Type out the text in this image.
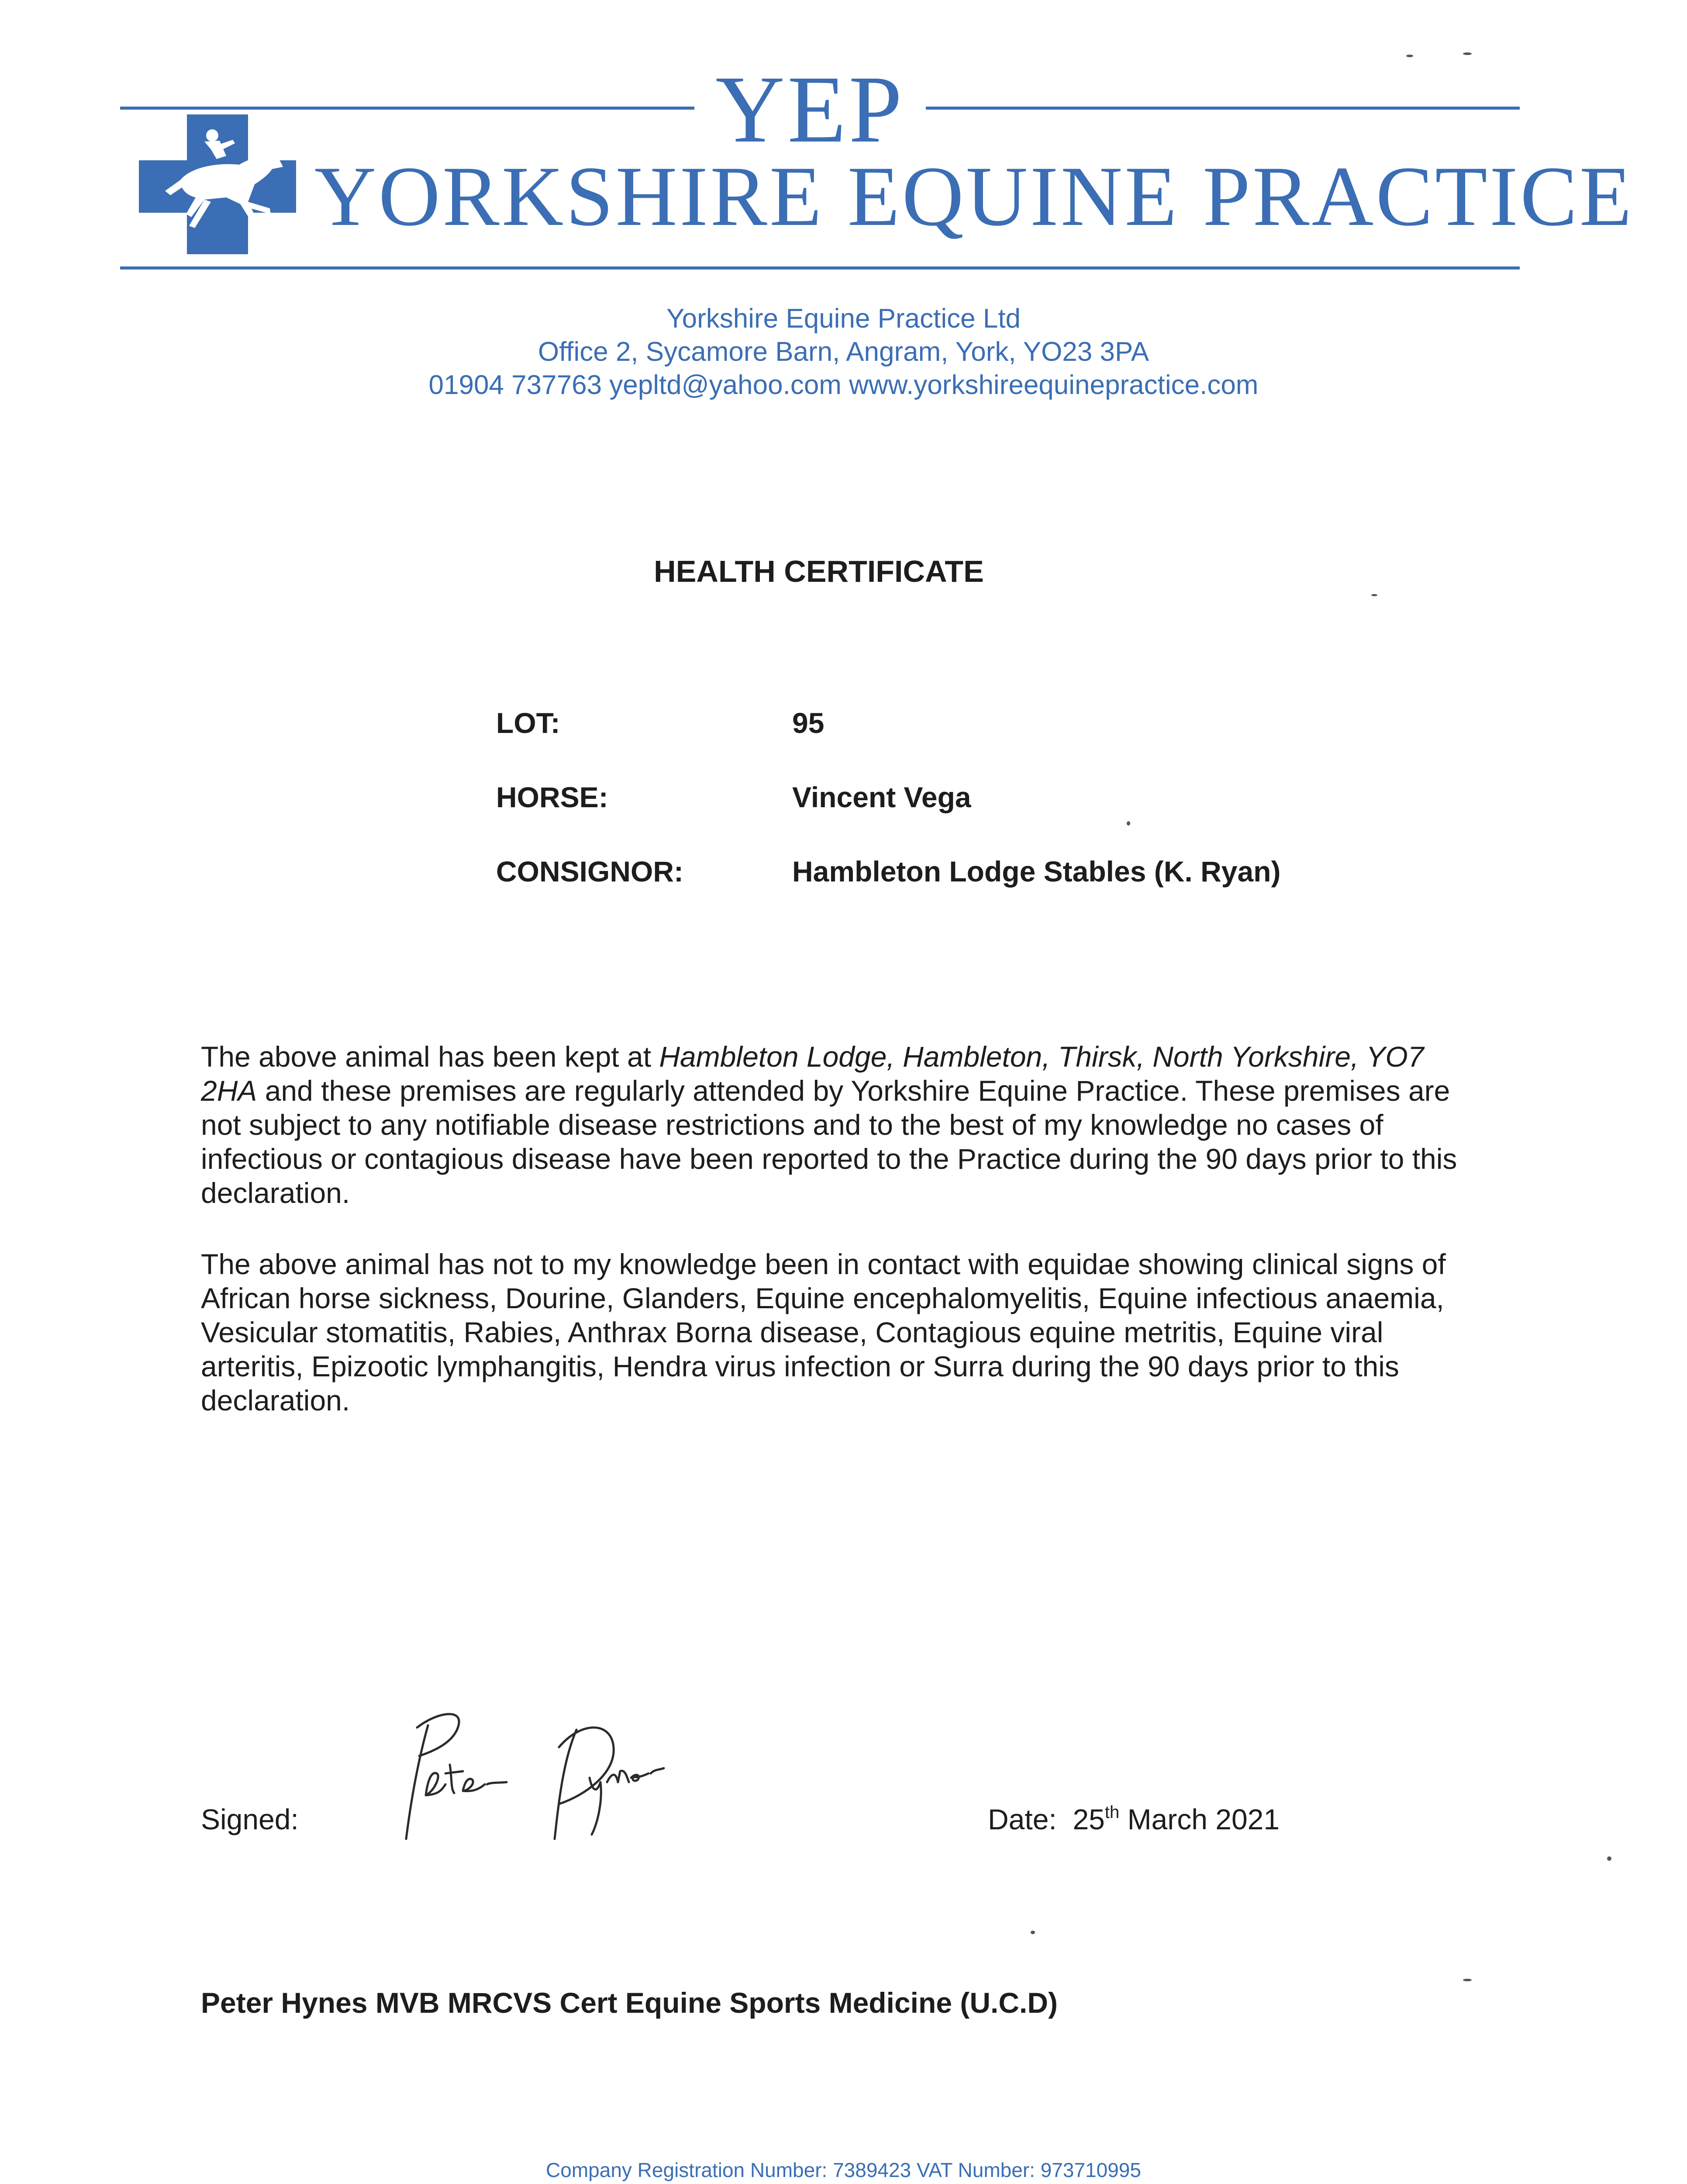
YEP
YORKSHIRE EQUINE PRACTICE
Yorkshire Equine Practice Ltd
Office 2, Sycamore Barn, Angram, York, YO23 3PA
01904 737763 yepltd@yahoo.com www.yorkshireequinepractice.com
HEALTH CERTIFICATE
LOT:	95
HORSE:	Vincent Vega
CONSIGNOR:	Hambleton Lodge Stables (K. Ryan)
The above animal has been kept at Hambleton Lodge, Hambleton, Thirsk, North Yorkshire, YO7 2HA and these premises are regularly attended by Yorkshire Equine Practice. These premises are not subject to any notifiable disease restrictions and to the best of my knowledge no cases of infectious or contagious disease have been reported to the Practice during the 90 days prior to this declaration.
The above animal has not to my knowledge been in contact with equidae showing clinical signs of African horse sickness, Dourine, Glanders, Equine encephalomyelitis, Equine infectious anaemia, Vesicular stomatitis, Rabies, Anthrax Borna disease, Contagious equine metritis, Equine viral arteritis, Epizootic lymphangitis, Hendra virus infection or Surra during the 90 days prior to this declaration.
Signed:	Date: 25th March 2021
Peter Hynes MVB MRCVS Cert Equine Sports Medicine (U.C.D)
Company Registration Number: 7389423 VAT Number: 973710995
